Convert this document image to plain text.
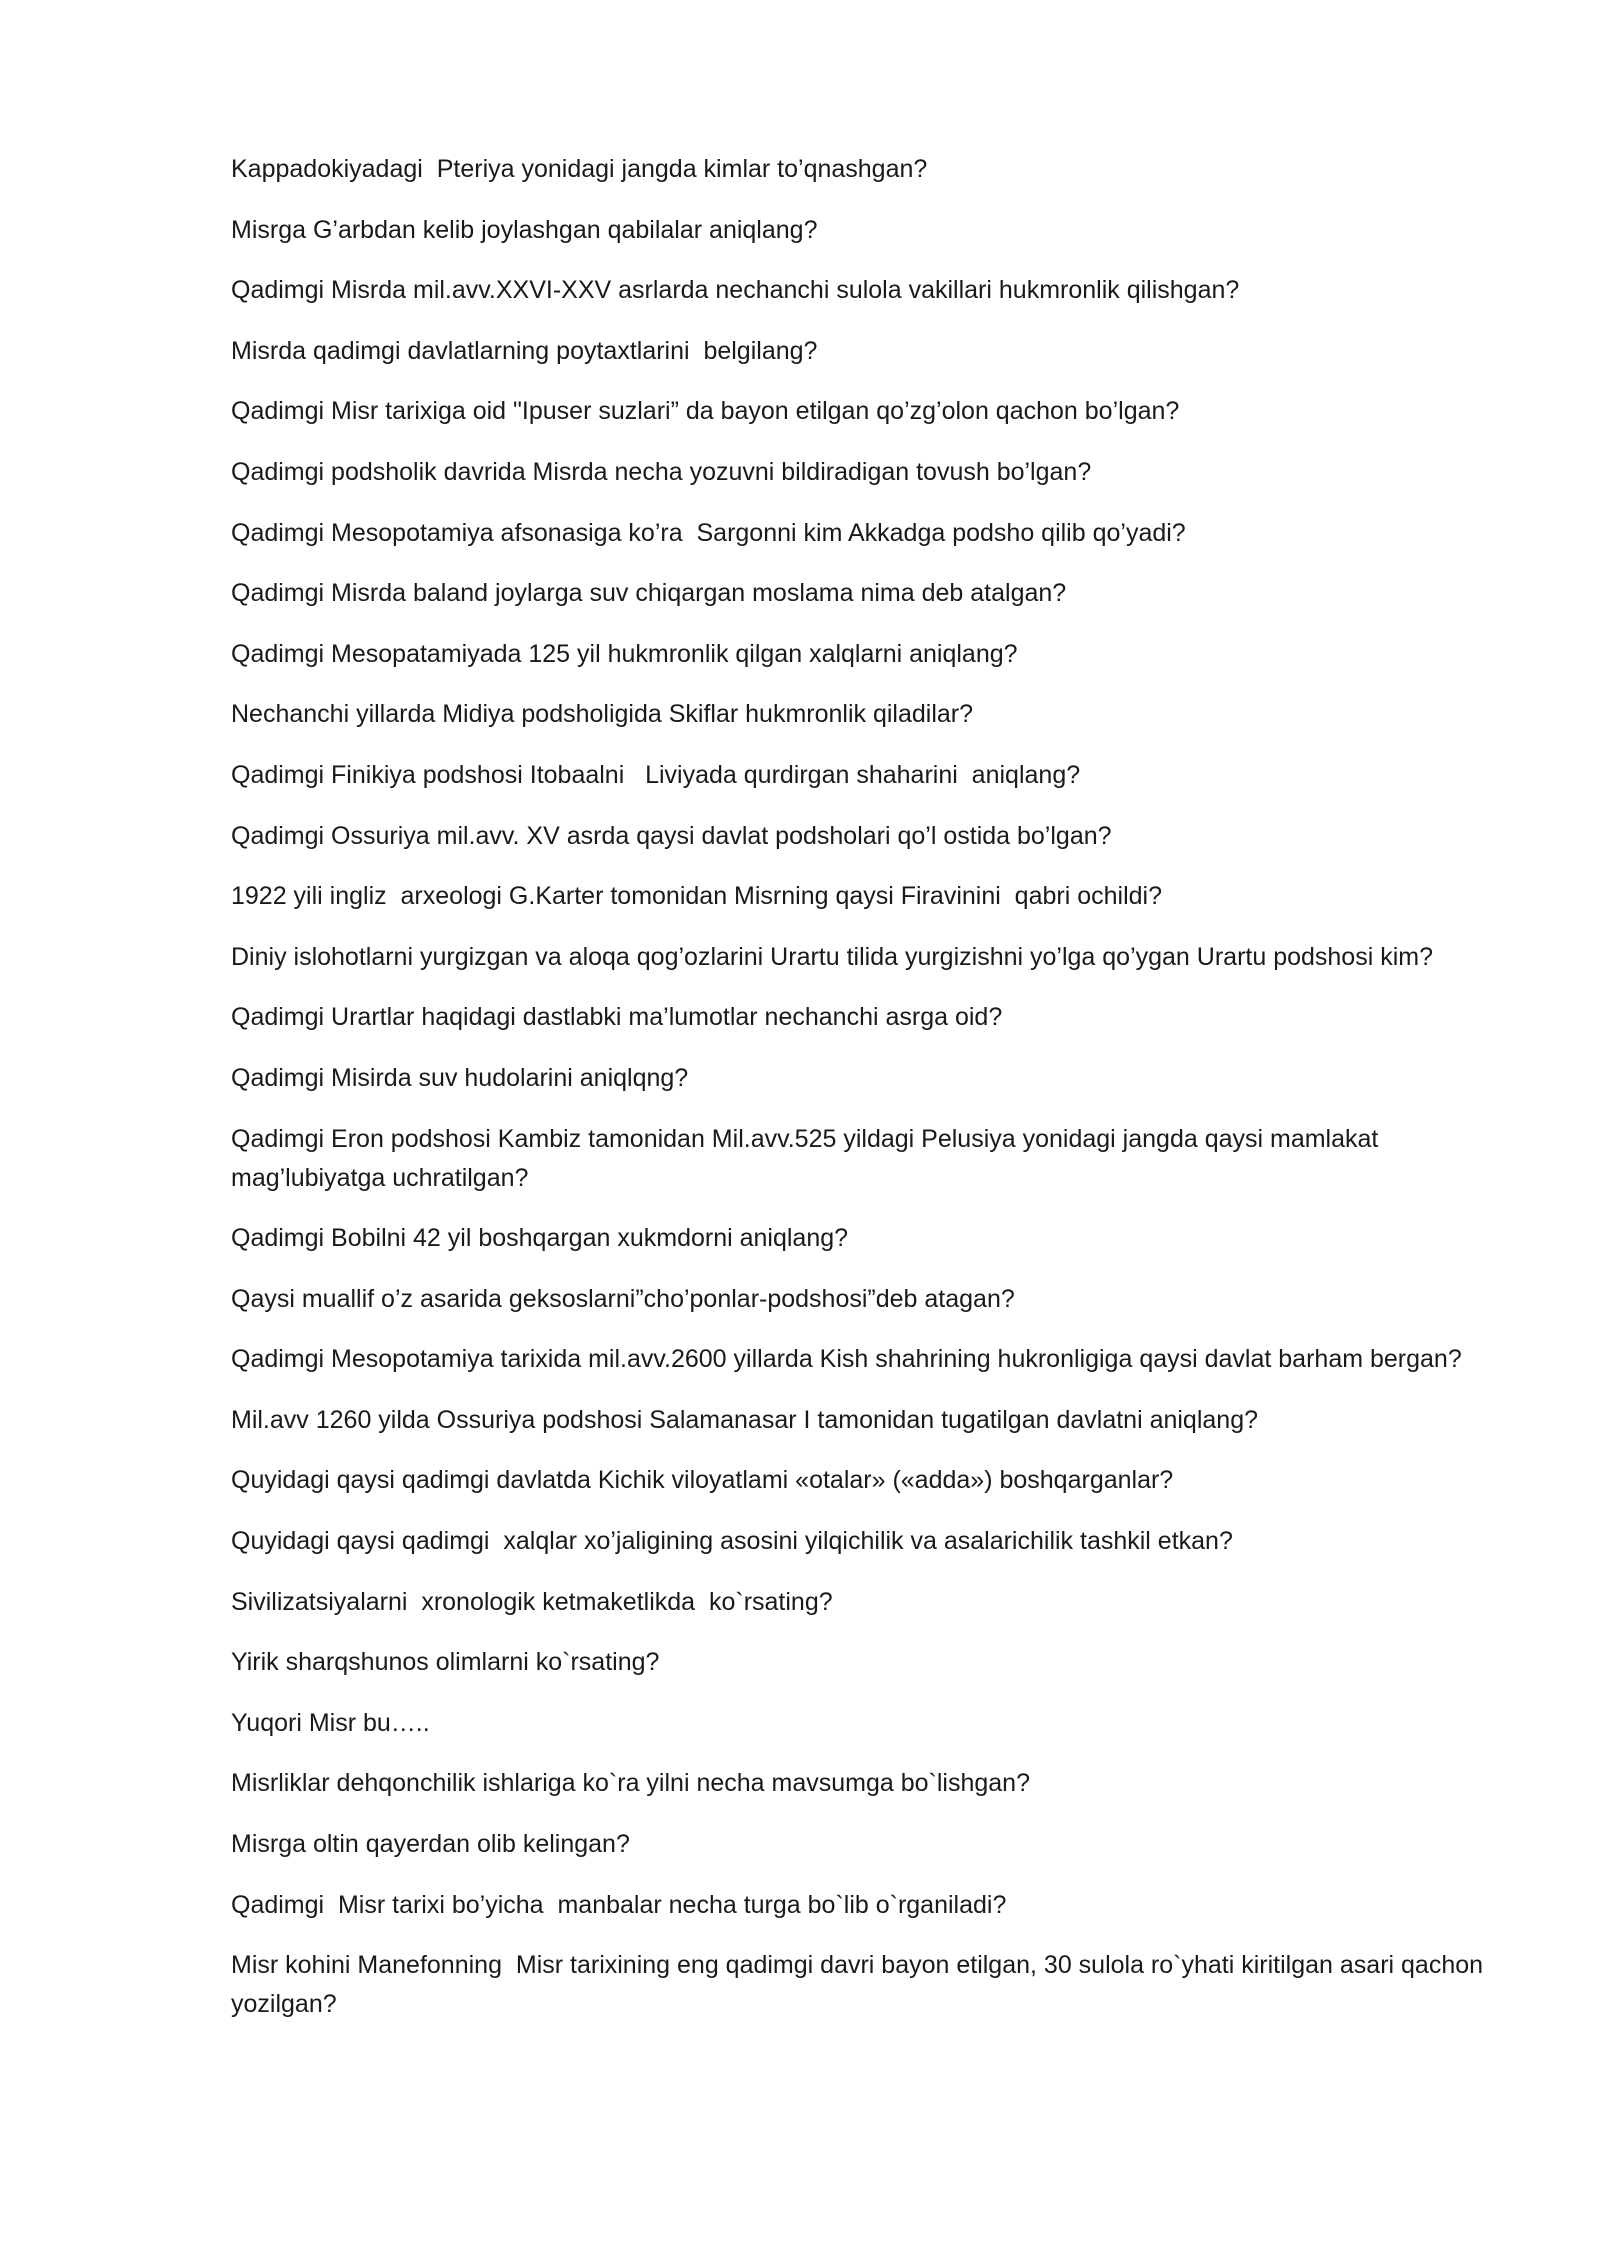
Kappadokiyadagi  Pteriya yonidagi jangda kimlar to’qnashgan?

Misrga G’arbdan kelib joylashgan qabilalar aniqlang?

Qadimgi Misrda mil.avv.XXVI-XXV asrlarda nechanchi sulola vakillari hukmronlik qilishgan?

Misrda qadimgi davlatlarning poytaxtlarini  belgilang?

Qadimgi Misr tarixiga oid "Ipuser suzlari” da bayon etilgan qo’zg’olon qachon bo’lgan?

Qadimgi podsholik davrida Misrda necha yozuvni bildiradigan tovush bo’lgan?

Qadimgi Mesopotamiya afsonasiga ko’ra  Sargonni kim Akkadga podsho qilib qo’yadi?

Qadimgi Misrda baland joylarga suv chiqargan moslama nima deb atalgan?

Qadimgi Mesopatamiyada 125 yil hukmronlik qilgan xalqlarni aniqlang?

Nechanchi yillarda Midiya podsholigida Skiflar hukmronlik qiladilar?

Qadimgi Finikiya podshosi Itobaalni   Liviyada qurdirgan shaharini  aniqlang?

Qadimgi Ossuriya mil.avv. XV asrda qaysi davlat podsholari qo’l ostida bo’lgan?

1922 yili ingliz  arxeologi G.Karter tomonidan Misrning qaysi Firavinini  qabri ochildi?

Diniy islohotlarni yurgizgan va aloqa qog’ozlarini Urartu tilida yurgizishni yo’lga qo’ygan Urartu podshosi kim?

Qadimgi Urartlar haqidagi dastlabki ma’lumotlar nechanchi asrga oid?

Qadimgi Misirda suv hudolarini aniqlqng?

Qadimgi Eron podshosi Kambiz tamonidan Mil.avv.525 yildagi Pelusiya yonidagi jangda qaysi mamlakat mag’lubiyatga uchratilgan?

Qadimgi Bobilni 42 yil boshqargan xukmdorni aniqlang?

Qaysi muallif o’z asarida geksoslarni”cho’ponlar-podshosi”deb atagan?

Qadimgi Mesopotamiya tarixida mil.avv.2600 yillarda Kish shahrining hukronligiga qaysi davlat barham bergan?

Mil.avv 1260 yilda Ossuriya podshosi Salamanasar I tamonidan tugatilgan davlatni aniqlang?

Quyidagi qaysi qadimgi davlatda Kichik viloyatlami «otalar» («adda») boshqarganlar?

Quyidagi qaysi qadimgi  xalqlar xo’jaligining asosini yilqichilik va asalarichilik tashkil etkan?

Sivilizatsiyalarni  xronologik ketmaketlikda  ko`rsating?

Yirik sharqshunos olimlarni ko`rsating?

Yuqori Misr bu…..

Misrliklar dehqonchilik ishlariga ko`ra yilni necha mavsumga bo`lishgan?

Misrga oltin qayerdan olib kelingan?

Qadimgi  Misr tarixi bo’yicha  manbalar necha turga bo`lib o`rganiladi?

Misr kohini Manefonning  Misr tarixining eng qadimgi davri bayon etilgan, 30 sulola ro`yhati kiritilgan asari qachon yozilgan?
